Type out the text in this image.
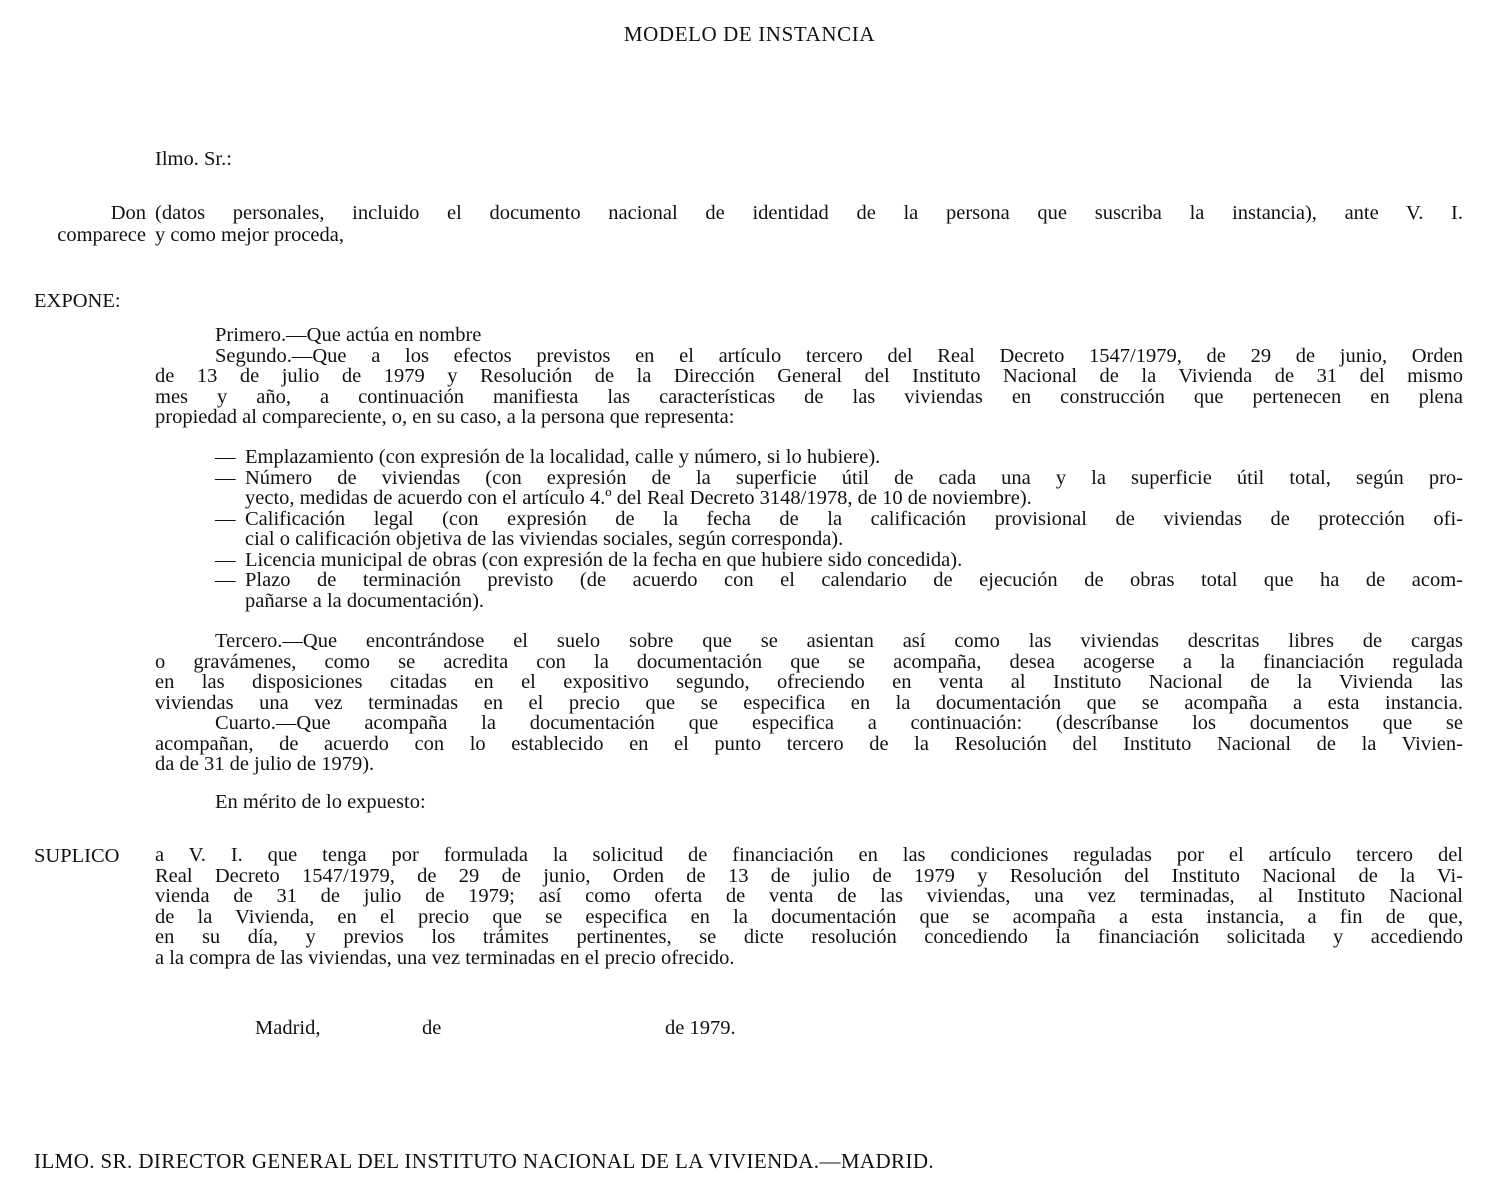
MODELO DE INSTANCIA
Ilmo. Sr.:
Don
comparece
(datos personales, incluido el documento nacional de identidad de la persona que suscriba la instancia), ante V. I.
y como mejor proceda,
EXPONE:
Primero.—Que actúa en nombre
Segundo.—Que a los efectos previstos en el artículo tercero del Real Decreto 1547/1979, de 29 de junio, Orden
de 13 de julio de 1979 y Resolución de la Dirección General del Instituto Nacional de la Vivienda de 31 del mismo
mes y año, a continuación manifiesta las características de las viviendas en construcción que pertenecen en plena
propiedad al compareciente, o, en su caso, a la persona que representa:
— Emplazamiento (con expresión de la localidad, calle y número, si lo hubiere).
— Número de viviendas (con expresión de la superficie útil de cada una y la superficie útil total, según pro-
yecto, medidas de acuerdo con el artículo 4.º del Real Decreto 3148/1978, de 10 de noviembre).
— Calificación legal (con expresión de la fecha de la calificación provisional de viviendas de protección ofi-
cial o calificación objetiva de las viviendas sociales, según corresponda).
— Licencia municipal de obras (con expresión de la fecha en que hubiere sido concedida).
— Plazo de terminación previsto (de acuerdo con el calendario de ejecución de obras total que ha de acom-
pañarse a la documentación).
Tercero.—Que encontrándose el suelo sobre que se asientan así como las viviendas descritas libres de cargas
o gravámenes, como se acredita con la documentación que se acompaña, desea acogerse a la financiación regulada
en las disposiciones citadas en el expositivo segundo, ofreciendo en venta al Instituto Nacional de la Vivienda las
viviendas una vez terminadas en el precio que se especifica en la documentación que se acompaña a esta instancia.
Cuarto.—Que acompaña la documentación que especifica a continuación: (descríbanse los documentos que se
acompañan, de acuerdo con lo establecido en el punto tercero de la Resolución del Instituto Nacional de la Vivien-
da de 31 de julio de 1979).
En mérito de lo expuesto:
SUPLICO a V. I. que tenga por formulada la solicitud de financiación en las condiciones reguladas por el artículo tercero del
Real Decreto 1547/1979, de 29 de junio, Orden de 13 de julio de 1979 y Resolución del Instituto Nacional de la Vi-
vienda de 31 de julio de 1979; así como oferta de venta de las viviendas, una vez terminadas, al Instituto Nacional
de la Vivienda, en el precio que se especifica en la documentación que se acompaña a esta instancia, a fin de que,
en su día, y previos los trámites pertinentes, se dicte resolución concediendo la financiación solicitada y accediendo
a la compra de las viviendas, una vez terminadas en el precio ofrecido.
Madrid,	de	de 1979.
ILMO. SR. DIRECTOR GENERAL DEL INSTITUTO NACIONAL DE LA VIVIENDA.—MADRID.
